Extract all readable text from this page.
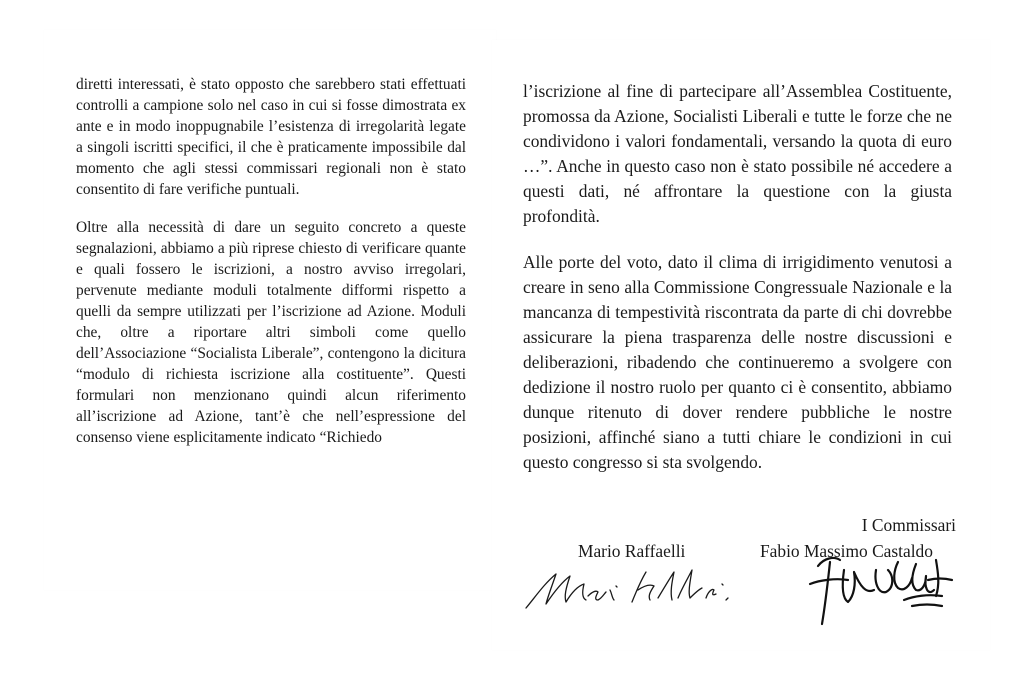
diretti interessati, è stato opposto che sarebbero stati effettuati controlli a campione solo nel caso in cui si fosse dimostrata ex ante e in modo inoppugnabile l’esistenza di irregolarità legate a singoli iscritti specifici, il che è praticamente impossibile dal momento che agli stessi commissari regionali non è stato consentito di fare verifiche puntuali.

Oltre alla necessità di dare un seguito concreto a queste segnalazioni, abbiamo a più riprese chiesto di verificare quante e quali fossero le iscrizioni, a nostro avviso irregolari, pervenute mediante moduli totalmente difformi rispetto a quelli da sempre utilizzati per l’iscrizione ad Azione. Moduli che, oltre a riportare altri simboli come quello dell’Associazione “Socialista Liberale”, contengono la dicitura “modulo di richiesta iscrizione alla costituente”. Questi formulari non menzionano quindi alcun riferimento all’iscrizione ad Azione, tant’è che nell’espressione del consenso viene esplicitamente indicato “Richiedo

l’iscrizione al fine di partecipare all’Assemblea Costituente, promossa da Azione, Socialisti Liberali e tutte le forze che ne condividono i valori fondamentali, versando la quota di euro …”. Anche in questo caso non è stato possibile né accedere a questi dati, né affrontare la questione con la giusta profondità.

Alle porte del voto, dato il clima di irrigidimento venutosi a creare in seno alla Commissione Congressuale Nazionale e la mancanza di tempestività riscontrata da parte di chi dovrebbe assicurare la piena trasparenza delle nostre discussioni e deliberazioni, ribadendo che continueremo a svolgere con dedizione il nostro ruolo per quanto ci è consentito, abbiamo dunque ritenuto di dover rendere pubbliche le nostre posizioni, affinché siano a tutti chiare le condizioni in cui questo congresso si sta svolgendo.

I Commissari
Mario Raffaelli	Fabio Massimo Castaldo
